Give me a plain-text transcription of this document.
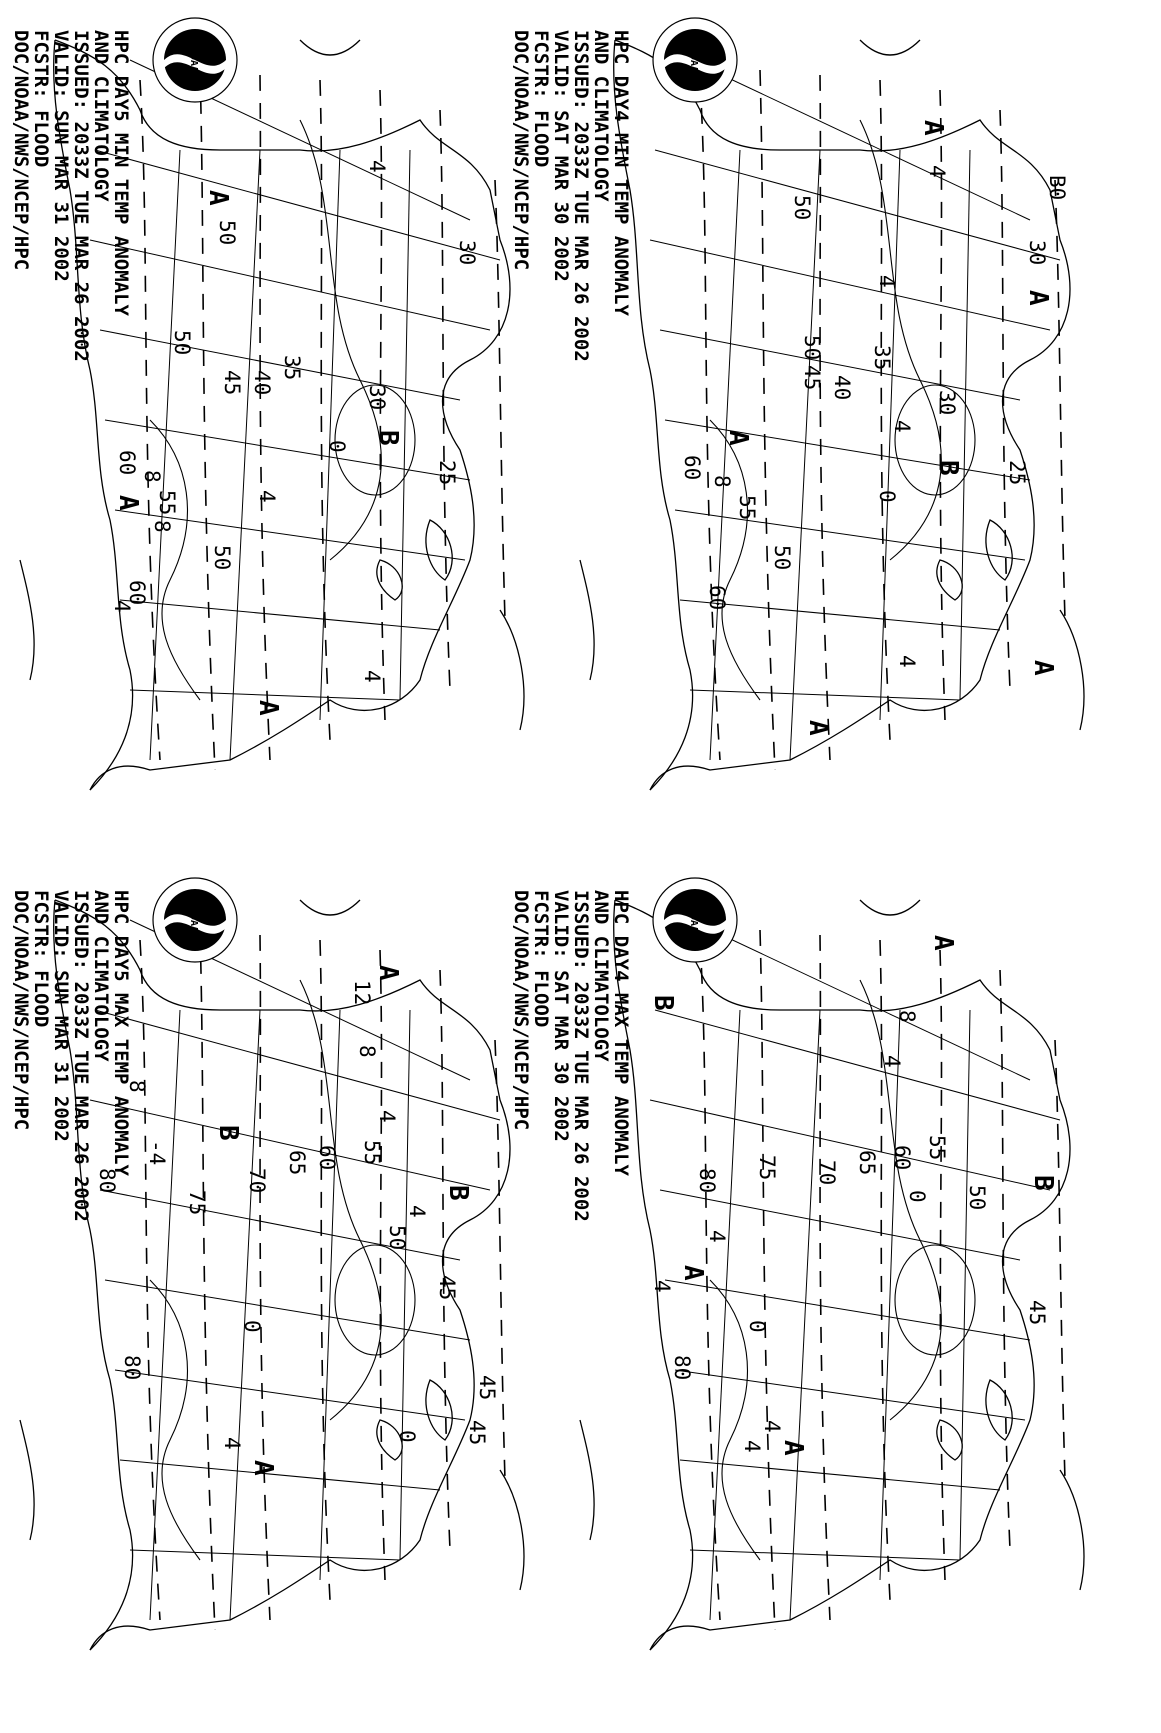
HPC DAY5 MIN TEMP ANOMALY
AND CLIMATOLOGY
ISSUED: 2033Z TUE MAR 26 2002
VALID: SUN MAR 31 2002
FCSTR: FLOOD
DOC/NOAA/NWS/NCEP/HPC	NOAA
50
A
4
30
50
45 40
35
30
0
B
25
60
8
55
A
8
4
50
60
4
4
A
HPC DAY4 MIN TEMP ANOMALY
AND CLIMATOLOGY
ISSUED: 2033Z TUE MAR 26 2002
VALID: SAT MAR 30 2002
FCSTR: FLOOD
DOC/NOAA/NWS/NCEP/HPC	NOAA
A
50
4
B0
30
4
A
50
45 40
35
4
30
B 25
A
60
8
55	0
50
60
4	A
A
HPC DAY5 MAX TEMP ANOMALY
AND CLIMATOLOGY
ISSUED: 2033Z TUE MAR 26 2002
VALID: SUN MAR 31 2002
FCSTR: FLOOD
DOC/NOAA/NWS/NCEP/HPC	NOAA
A
12
8
8
4
B
55
60
65
70
-4
80
75	B
4
50
45
0
80
45
45
0
4
A
HPC DAY4 MAX TEMP ANOMALY
AND CLIMATOLOGY
ISSUED: 2033Z TUE MAR 26 2002
VALID: SAT MAR 30 2002
FCSTR: FLOOD
DOC/NOAA/NWS/NCEP/HPC	NOAA
A
8
4
B
55
60
65
70
75
80	B
50
0
4
A
4
45
0
80
4
4 A
